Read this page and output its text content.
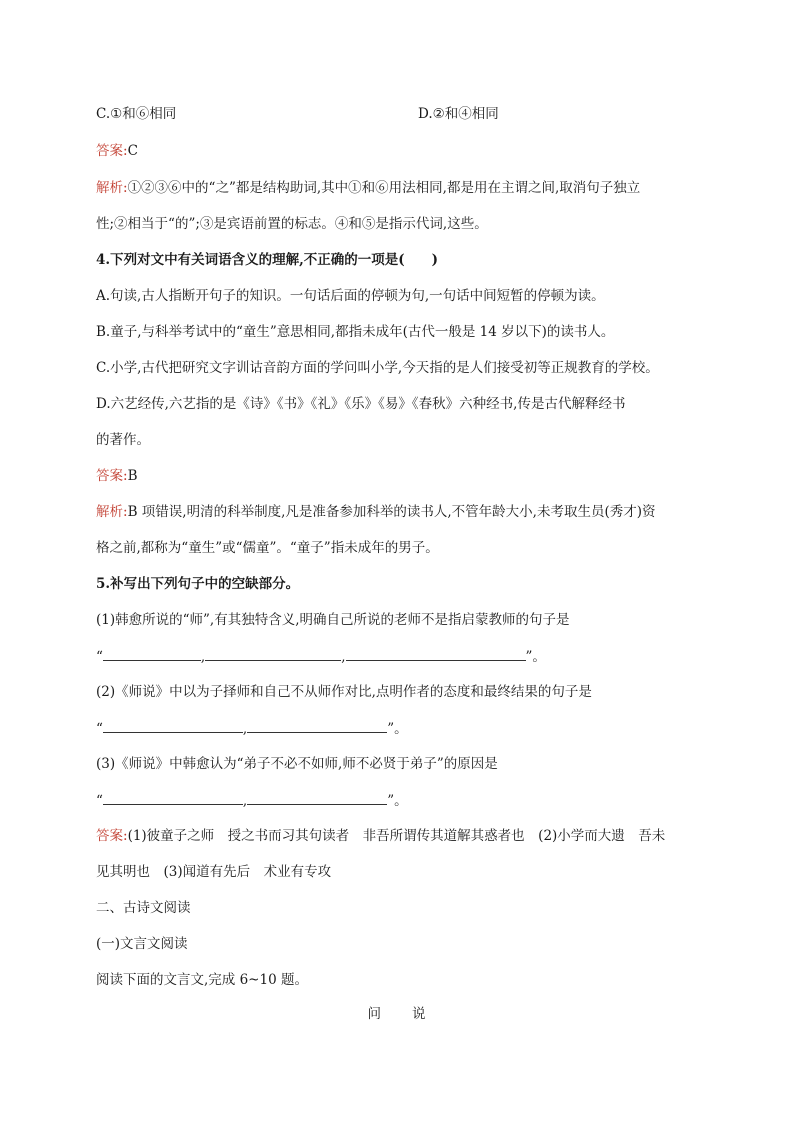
C.①和⑥相同	D.②和④相同
答案:C
解析:①②③⑥中的“之”都是结构助词,其中①和⑥用法相同,都是用在主谓之间,取消句子独立
性;②相当于“的”;③是宾语前置的标志。④和⑤是指示代词,这些。
4.下列对文中有关词语含义的理解,不正确的一项是(　　)
A.句读,古人指断开句子的知识。一句话后面的停顿为句,一句话中间短暂的停顿为读。
B.童子,与科举考试中的“童生”意思相同,都指未成年(古代一般是 14 岁以下)的读书人。
C.小学,古代把研究文字训诂音韵方面的学问叫小学,今天指的是人们接受初等正规教育的学校。
D.六艺经传,六艺指的是《诗》《书》《礼》《乐》《易》《春秋》六种经书,传是古代解释经书
的著作。
答案:B
解析:B 项错误,明清的科举制度,凡是准备参加科举的读书人,不管年龄大小,未考取生员(秀才)资
格之前,都称为“童生”或“儒童”。“童子”指未成年的男子。
5.补写出下列句子中的空缺部分。
(1)韩愈所说的“师”,有其独特含义,明确自己所说的老师不是指启蒙教师的句子是
“	,	,	”。
(2)《师说》中以为子择师和自己不从师作对比,点明作者的态度和最终结果的句子是
“	,	”。
(3)《师说》中韩愈认为“弟子不必不如师,师不必贤于弟子”的原因是
“	,	”。
答案:(1)彼童子之师　授之书而习其句读者　非吾所谓传其道解其惑者也　(2)小学而大遗　吾未
见其明也　(3)闻道有先后　术业有专攻
二、古诗文阅读
(一)文言文阅读
阅读下面的文言文,完成 6~10 题。
问 说
